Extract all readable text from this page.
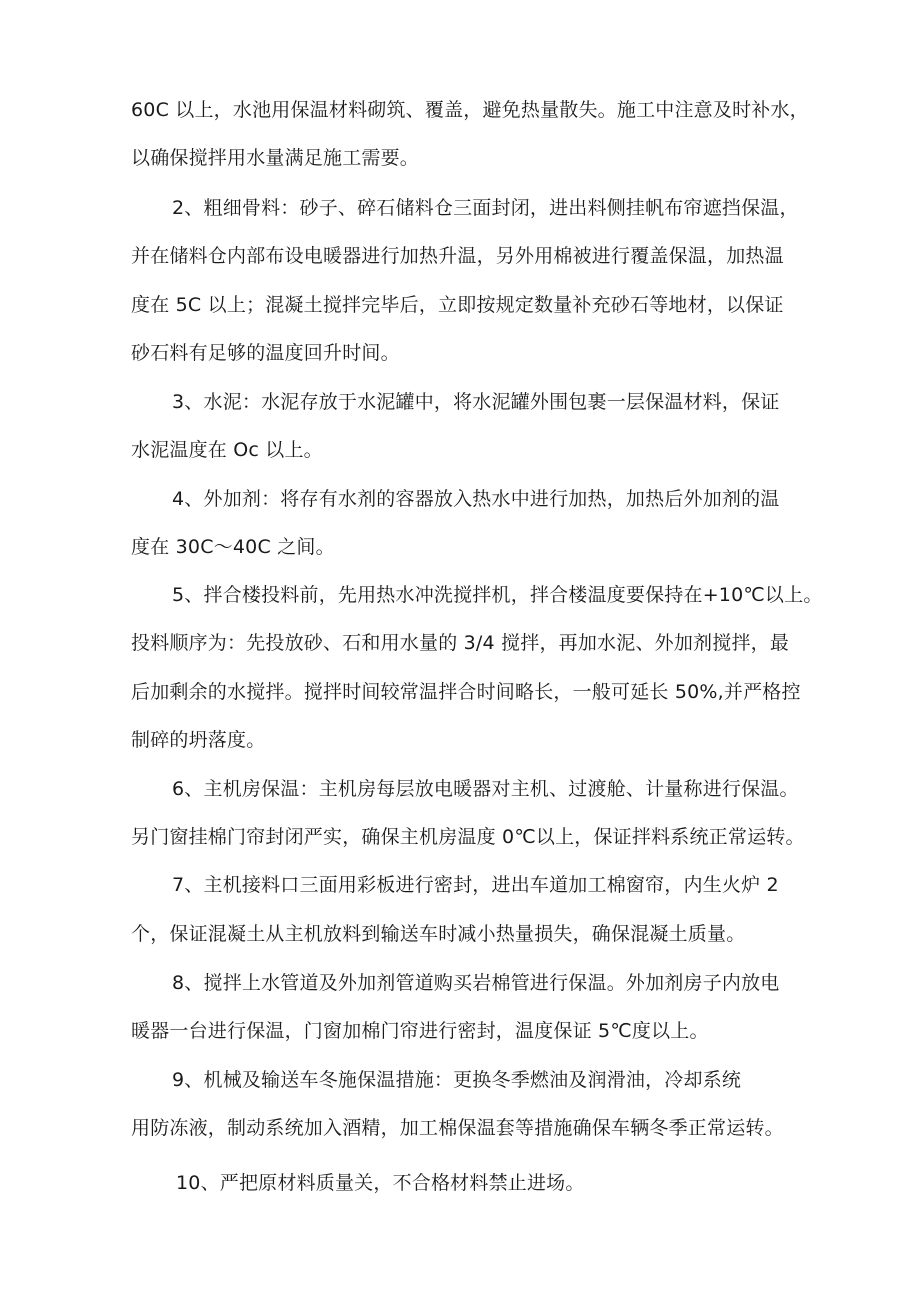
60C 以上，水池用保温材料砌筑、覆盖，避免热量散失。施工中注意及时补水，
以确保搅拌用水量满足施工需要。
2、粗细骨料：砂子、碎石储料仓三面封闭，进出料侧挂帆布帘遮挡保温，
并在储料仓内部布设电暖器进行加热升温，另外用棉被进行覆盖保温，加热温
度在 5C 以上；混凝土搅拌完毕后，立即按规定数量补充砂石等地材，以保证
砂石料有足够的温度回升时间。
3、水泥：水泥存放于水泥罐中，将水泥罐外围包裹一层保温材料，保证
水泥温度在 Oc 以上。
4、外加剂：将存有水剂的容器放入热水中进行加热，加热后外加剂的温
度在 30C～40C 之间。
5、拌合楼投料前，先用热水冲洗搅拌机，拌合楼温度要保持在+10℃以上。
投料顺序为：先投放砂、石和用水量的 3/4 搅拌，再加水泥、外加剂搅拌，最
后加剩余的水搅拌。搅拌时间较常温拌合时间略长，一般可延长 50%,并严格控
制碎的坍落度。
6、主机房保温：主机房每层放电暖器对主机、过渡舱、计量称进行保温。
另门窗挂棉门帘封闭严实，确保主机房温度 0℃以上，保证拌料系统正常运转。
7、主机接料口三面用彩板进行密封，进出车道加工棉窗帘，内生火炉 2
个，保证混凝土从主机放料到输送车时减小热量损失，确保混凝土质量。
8、搅拌上水管道及外加剂管道购买岩棉管进行保温。外加剂房子内放电
暖器一台进行保温，门窗加棉门帘进行密封，温度保证 5℃度以上。
9、机械及输送车冬施保温措施：更换冬季燃油及润滑油，冷却系统
用防冻液，制动系统加入酒精，加工棉保温套等措施确保车辆冬季正常运转。
10、严把原材料质量关，不合格材料禁止进场。
